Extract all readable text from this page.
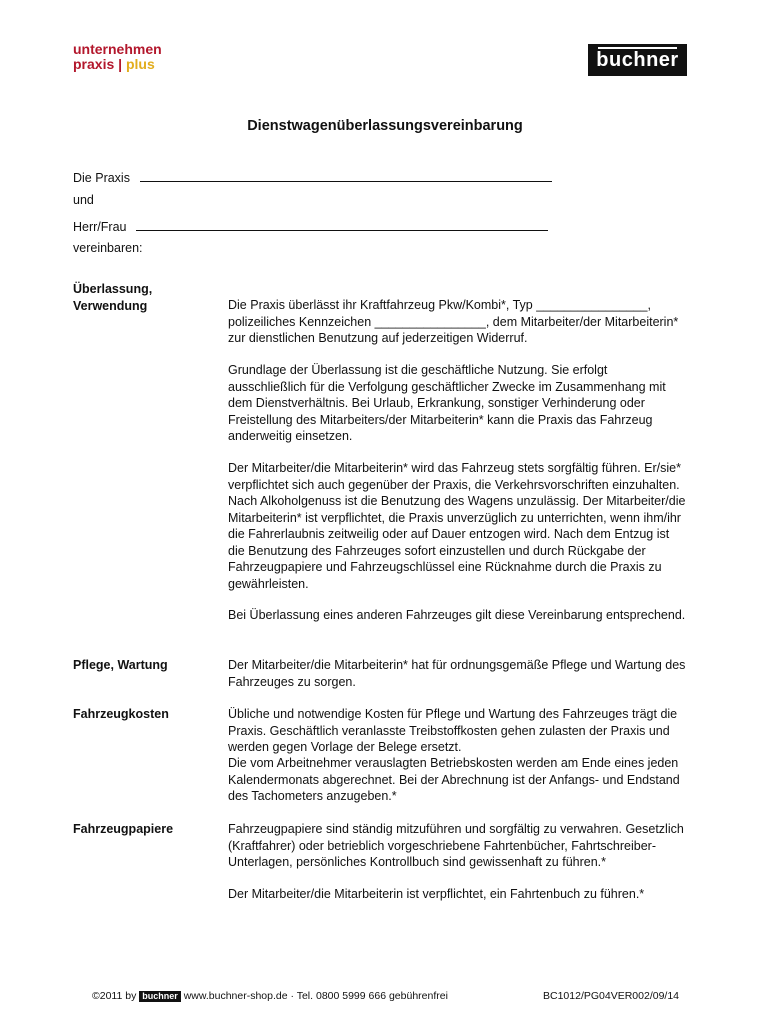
unternehmen
praxis | plus	buchner
Dienstwagenüberlassungsvereinbarung
Die Praxis
und
Herr/Frau
vereinbaren:
Überlassung,
Verwendung	Die Praxis überlässt ihr Kraftfahrzeug Pkw/Kombi*, Typ ________________, polizeiliches Kennzeichen ________________, dem Mitarbeiter/der Mitarbeiterin* zur dienstlichen Benutzung auf jederzeitigen Widerruf.
Grundlage der Überlassung ist die geschäftliche Nutzung. Sie erfolgt ausschließlich für die Verfolgung geschäftlicher Zwecke im Zusammenhang mit dem Dienstverhältnis. Bei Urlaub, Erkrankung, sonstiger Verhinderung oder Freistellung des Mitarbeiters/der Mitarbeiterin* kann die Praxis das Fahrzeug anderweitig einsetzen.
Der Mitarbeiter/die Mitarbeiterin* wird das Fahrzeug stets sorgfältig führen. Er/sie* verpflichtet sich auch gegenüber der Praxis, die Verkehrsvorschriften einzuhalten. Nach Alkoholgenuss ist die Benutzung des Wagens unzulässig. Der Mitarbeiter/die Mitarbeiterin* ist verpflichtet, die Praxis unverzüglich zu unterrichten, wenn ihm/ihr die Fahrerlaubnis zeitweilig oder auf Dauer entzogen wird. Nach dem Entzug ist die Benutzung des Fahrzeuges sofort einzustellen und durch Rückgabe der Fahrzeugpapiere und Fahrzeugschlüssel eine Rücknahme durch die Praxis zu gewährleisten.
Bei Überlassung eines anderen Fahrzeuges gilt diese Vereinbarung entsprechend.
Pflege, Wartung	Der Mitarbeiter/die Mitarbeiterin* hat für ordnungsgemäße Pflege und Wartung des Fahrzeuges zu sorgen.
Fahrzeugkosten	Übliche und notwendige Kosten für Pflege und Wartung des Fahrzeuges trägt die Praxis. Geschäftlich veranlasste Treibstoffkosten gehen zulasten der Praxis und werden gegen Vorlage der Belege ersetzt.
Die vom Arbeitnehmer verauslagten Betriebskosten werden am Ende eines jeden Kalendermonats abgerechnet. Bei der Abrechnung ist der Anfangs- und Endstand des Tachometers anzugeben.*
Fahrzeugpapiere	Fahrzeugpapiere sind ständig mitzuführen und sorgfältig zu verwahren. Gesetzlich (Kraftfahrer) oder betrieblich vorgeschriebene Fahrtenbücher, Fahrtschreiber-Unterlagen, persönliches Kontrollbuch sind gewissenhaft zu führen.*
Der Mitarbeiter/die Mitarbeiterin ist verpflichtet, ein Fahrtenbuch zu führen.*
©2011 by buchner www.buchner-shop.de · Tel. 0800 5999 666 gebührenfrei	BC1012/PG04VER002/09/14
